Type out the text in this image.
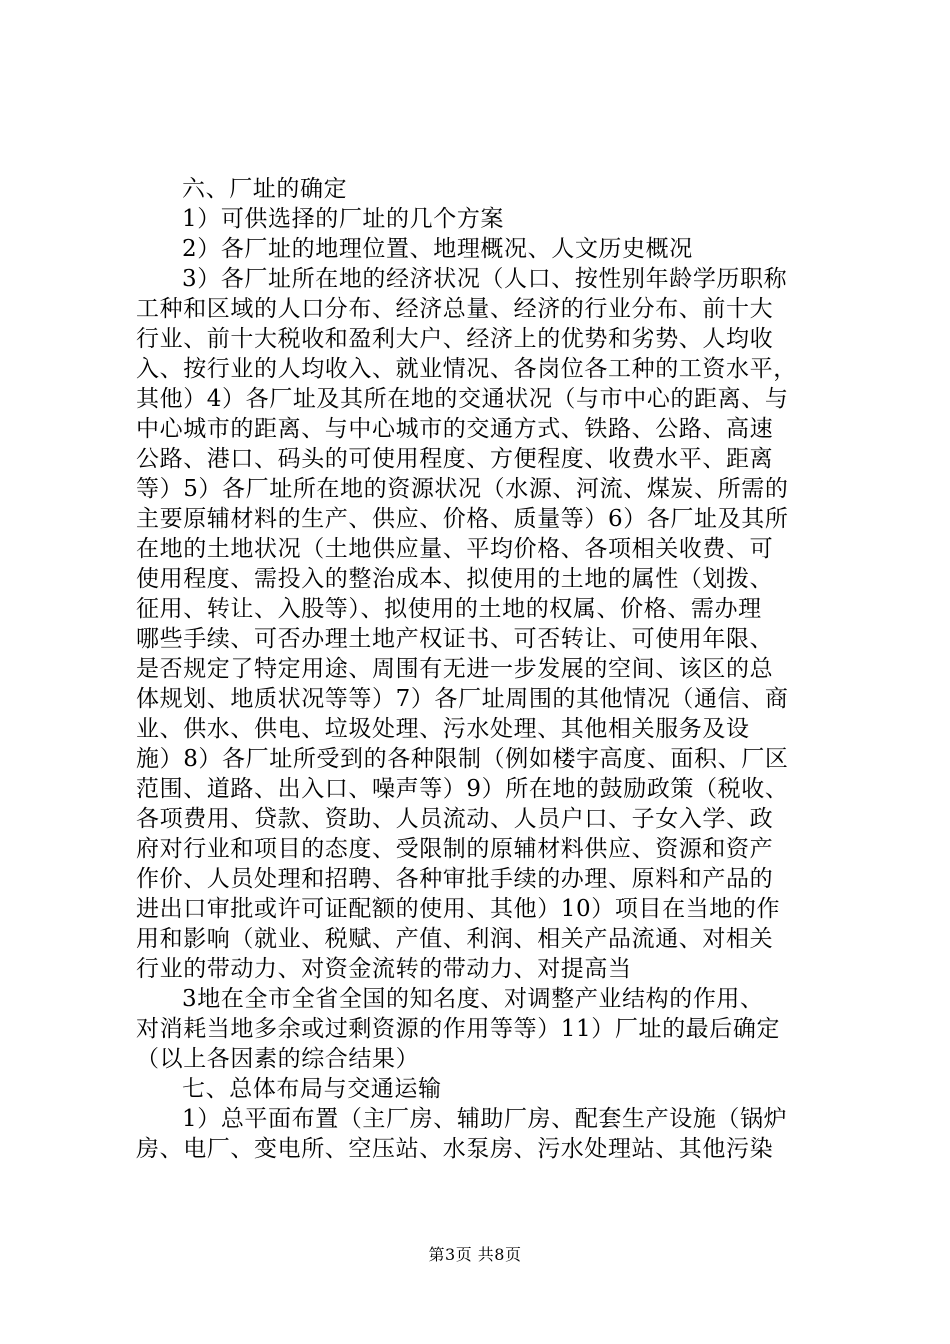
六、厂址的确定
1）可供选择的厂址的几个方案
2）各厂址的地理位置、地理概况、人文历史概况
3）各厂址所在地的经济状况（人口、按性别年龄学历职称
工种和区域的人口分布、经济总量、经济的行业分布、前十大
行业、前十大税收和盈利大户、经济上的优势和劣势、人均收
入、按行业的人均收入、就业情况、各岗位各工种的工资水平，
其他）4）各厂址及其所在地的交通状况（与市中心的距离、与
中心城市的距离、与中心城市的交通方式、铁路、公路、高速
公路、港口、码头的可使用程度、方便程度、收费水平、距离
等）5）各厂址所在地的资源状况（水源、河流、煤炭、所需的
主要原辅材料的生产、供应、价格、质量等）6）各厂址及其所
在地的土地状况（土地供应量、平均价格、各项相关收费、可
使用程度、需投入的整治成本、拟使用的土地的属性（划拨、
征用、转让、入股等）、拟使用的土地的权属、价格、需办理
哪些手续、可否办理土地产权证书、可否转让、可使用年限、
是否规定了特定用途、周围有无进一步发展的空间、该区的总
体规划、地质状况等等）7）各厂址周围的其他情况（通信、商
业、供水、供电、垃圾处理、污水处理、其他相关服务及设
施）8）各厂址所受到的各种限制（例如楼宇高度、面积、厂区
范围、道路、出入口、噪声等）9）所在地的鼓励政策（税收、
各项费用、贷款、资助、人员流动、人员户口、子女入学、政
府对行业和项目的态度、受限制的原辅材料供应、资源和资产
作价、人员处理和招聘、各种审批手续的办理、原料和产品的
进出口审批或许可证配额的使用、其他）10）项目在当地的作
用和影响（就业、税赋、产值、利润、相关产品流通、对相关
行业的带动力、对资金流转的带动力、对提高当
3地在全市全省全国的知名度、对调整产业结构的作用、
对消耗当地多余或过剩资源的作用等等）11）厂址的最后确定
（以上各因素的综合结果）
七、总体布局与交通运输
1）总平面布置（主厂房、辅助厂房、配套生产设施（锅炉
房、电厂、变电所、空压站、水泵房、污水处理站、其他污染
第3页 共8页
